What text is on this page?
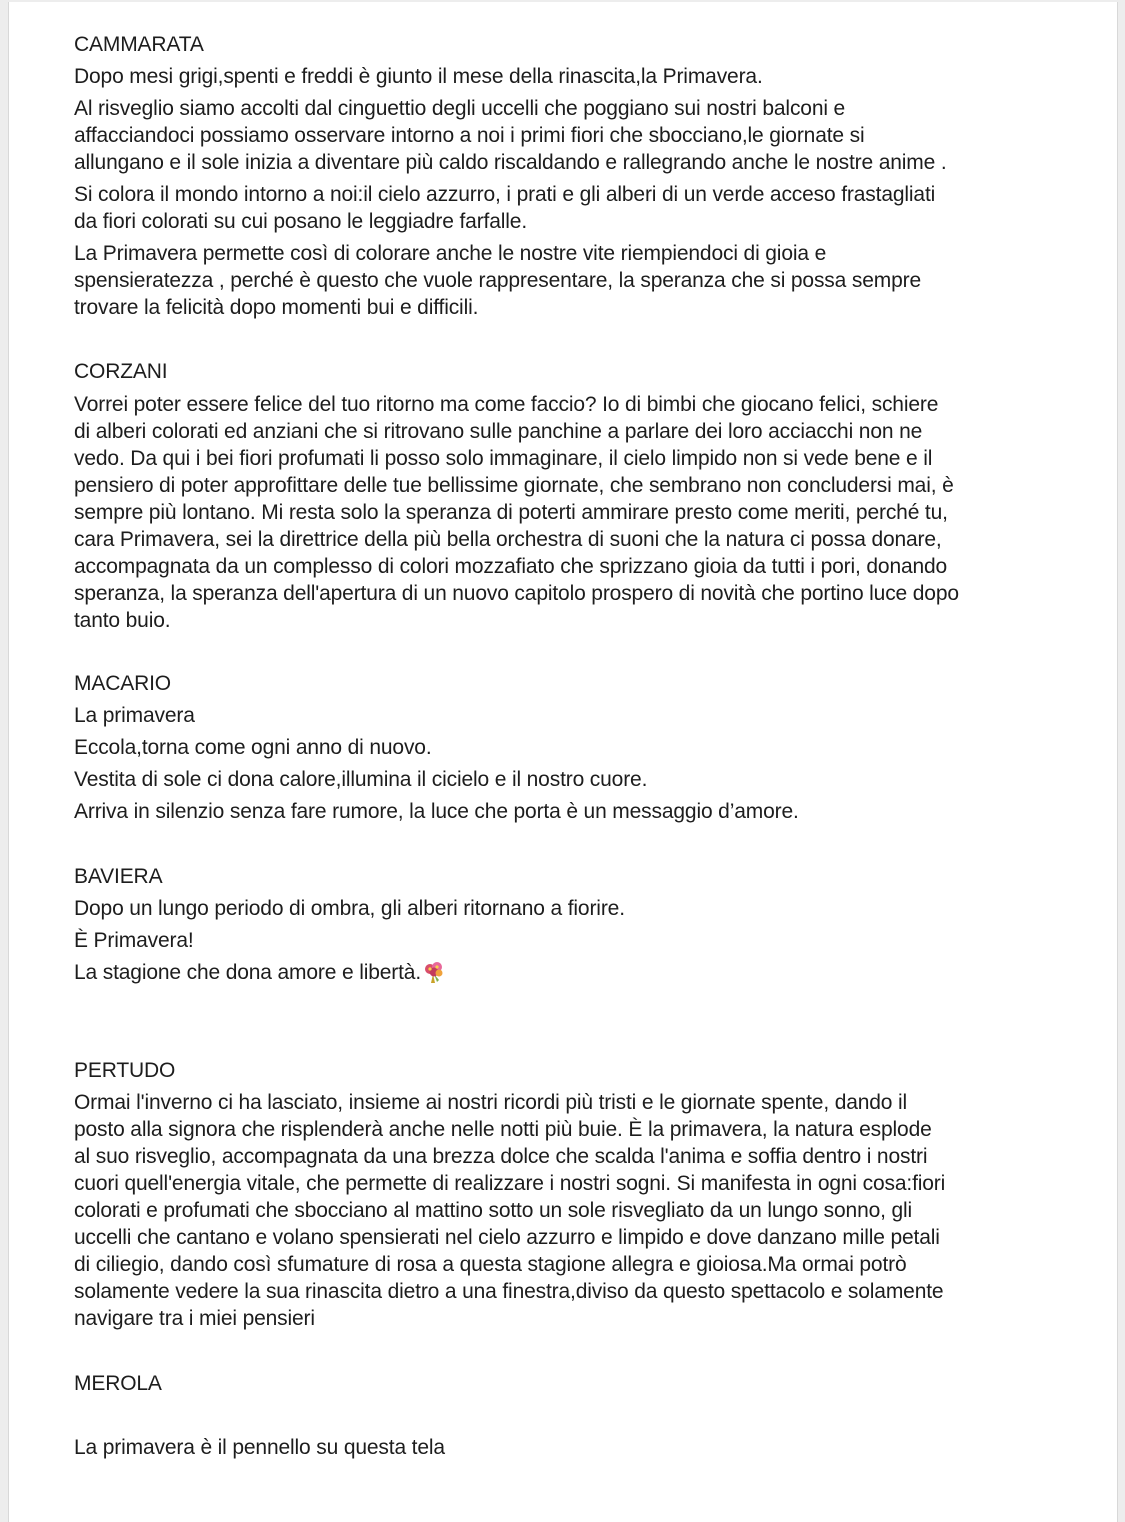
CAMMARATA
Dopo mesi grigi,spenti e freddi è giunto il mese della rinascita,la Primavera.
Al risveglio siamo accolti dal cinguettio degli uccelli che poggiano sui nostri balconi e
affacciandoci possiamo osservare intorno a noi i primi fiori che sbocciano,le giornate si
allungano e il sole inizia a diventare più caldo riscaldando e rallegrando anche le nostre anime .
Si colora il mondo intorno a noi:il cielo azzurro, i prati e gli alberi di un verde acceso frastagliati
da fiori colorati su cui posano le leggiadre farfalle.
La Primavera permette così di colorare anche le nostre vite riempiendoci di gioia e
spensieratezza , perché è questo che vuole rappresentare, la speranza che si possa sempre
trovare la felicità dopo momenti bui e difficili.
CORZANI
Vorrei poter essere felice del tuo ritorno ma come faccio? Io di bimbi che giocano felici, schiere
di alberi colorati ed anziani che si ritrovano sulle panchine a parlare dei loro acciacchi non ne
vedo. Da qui i bei fiori profumati li posso solo immaginare, il cielo limpido non si vede bene e il
pensiero di poter approfittare delle tue bellissime giornate, che sembrano non concludersi mai, è
sempre più lontano. Mi resta solo la speranza di poterti ammirare presto come meriti, perché tu,
cara Primavera, sei la direttrice della più bella orchestra di suoni che la natura ci possa donare,
accompagnata da un complesso di colori mozzafiato che sprizzano gioia da tutti i pori, donando
speranza, la speranza dell'apertura di un nuovo capitolo prospero di novità che portino luce dopo
tanto buio.
MACARIO
La primavera
Eccola,torna come ogni anno di nuovo.
Vestita di sole ci dona calore,illumina il cicielo e il nostro cuore.
Arriva in silenzio senza fare rumore, la luce che porta è un messaggio d’amore.
BAVIERA
Dopo un lungo periodo di ombra, gli alberi ritornano a fiorire.
È Primavera!
La stagione che dona amore e libertà.
PERTUDO
Ormai l'inverno ci ha lasciato, insieme ai nostri ricordi più tristi e le giornate spente, dando il
posto alla signora che risplenderà anche nelle notti più buie. È la primavera, la natura esplode
al suo risveglio, accompagnata da una brezza dolce che scalda l'anima e soffia dentro i nostri
cuori quell'energia vitale, che permette di realizzare i nostri sogni. Si manifesta in ogni cosa:fiori
colorati e profumati che sbocciano al mattino sotto un sole risvegliato da un lungo sonno, gli
uccelli che cantano e volano spensierati nel cielo azzurro e limpido e dove danzano mille petali
di ciliegio, dando così sfumature di rosa a questa stagione allegra e gioiosa.Ma ormai potrò
solamente vedere la sua rinascita dietro a una finestra,diviso da questo spettacolo e solamente
navigare tra i miei pensieri
MEROLA
La primavera è il pennello su questa tela
